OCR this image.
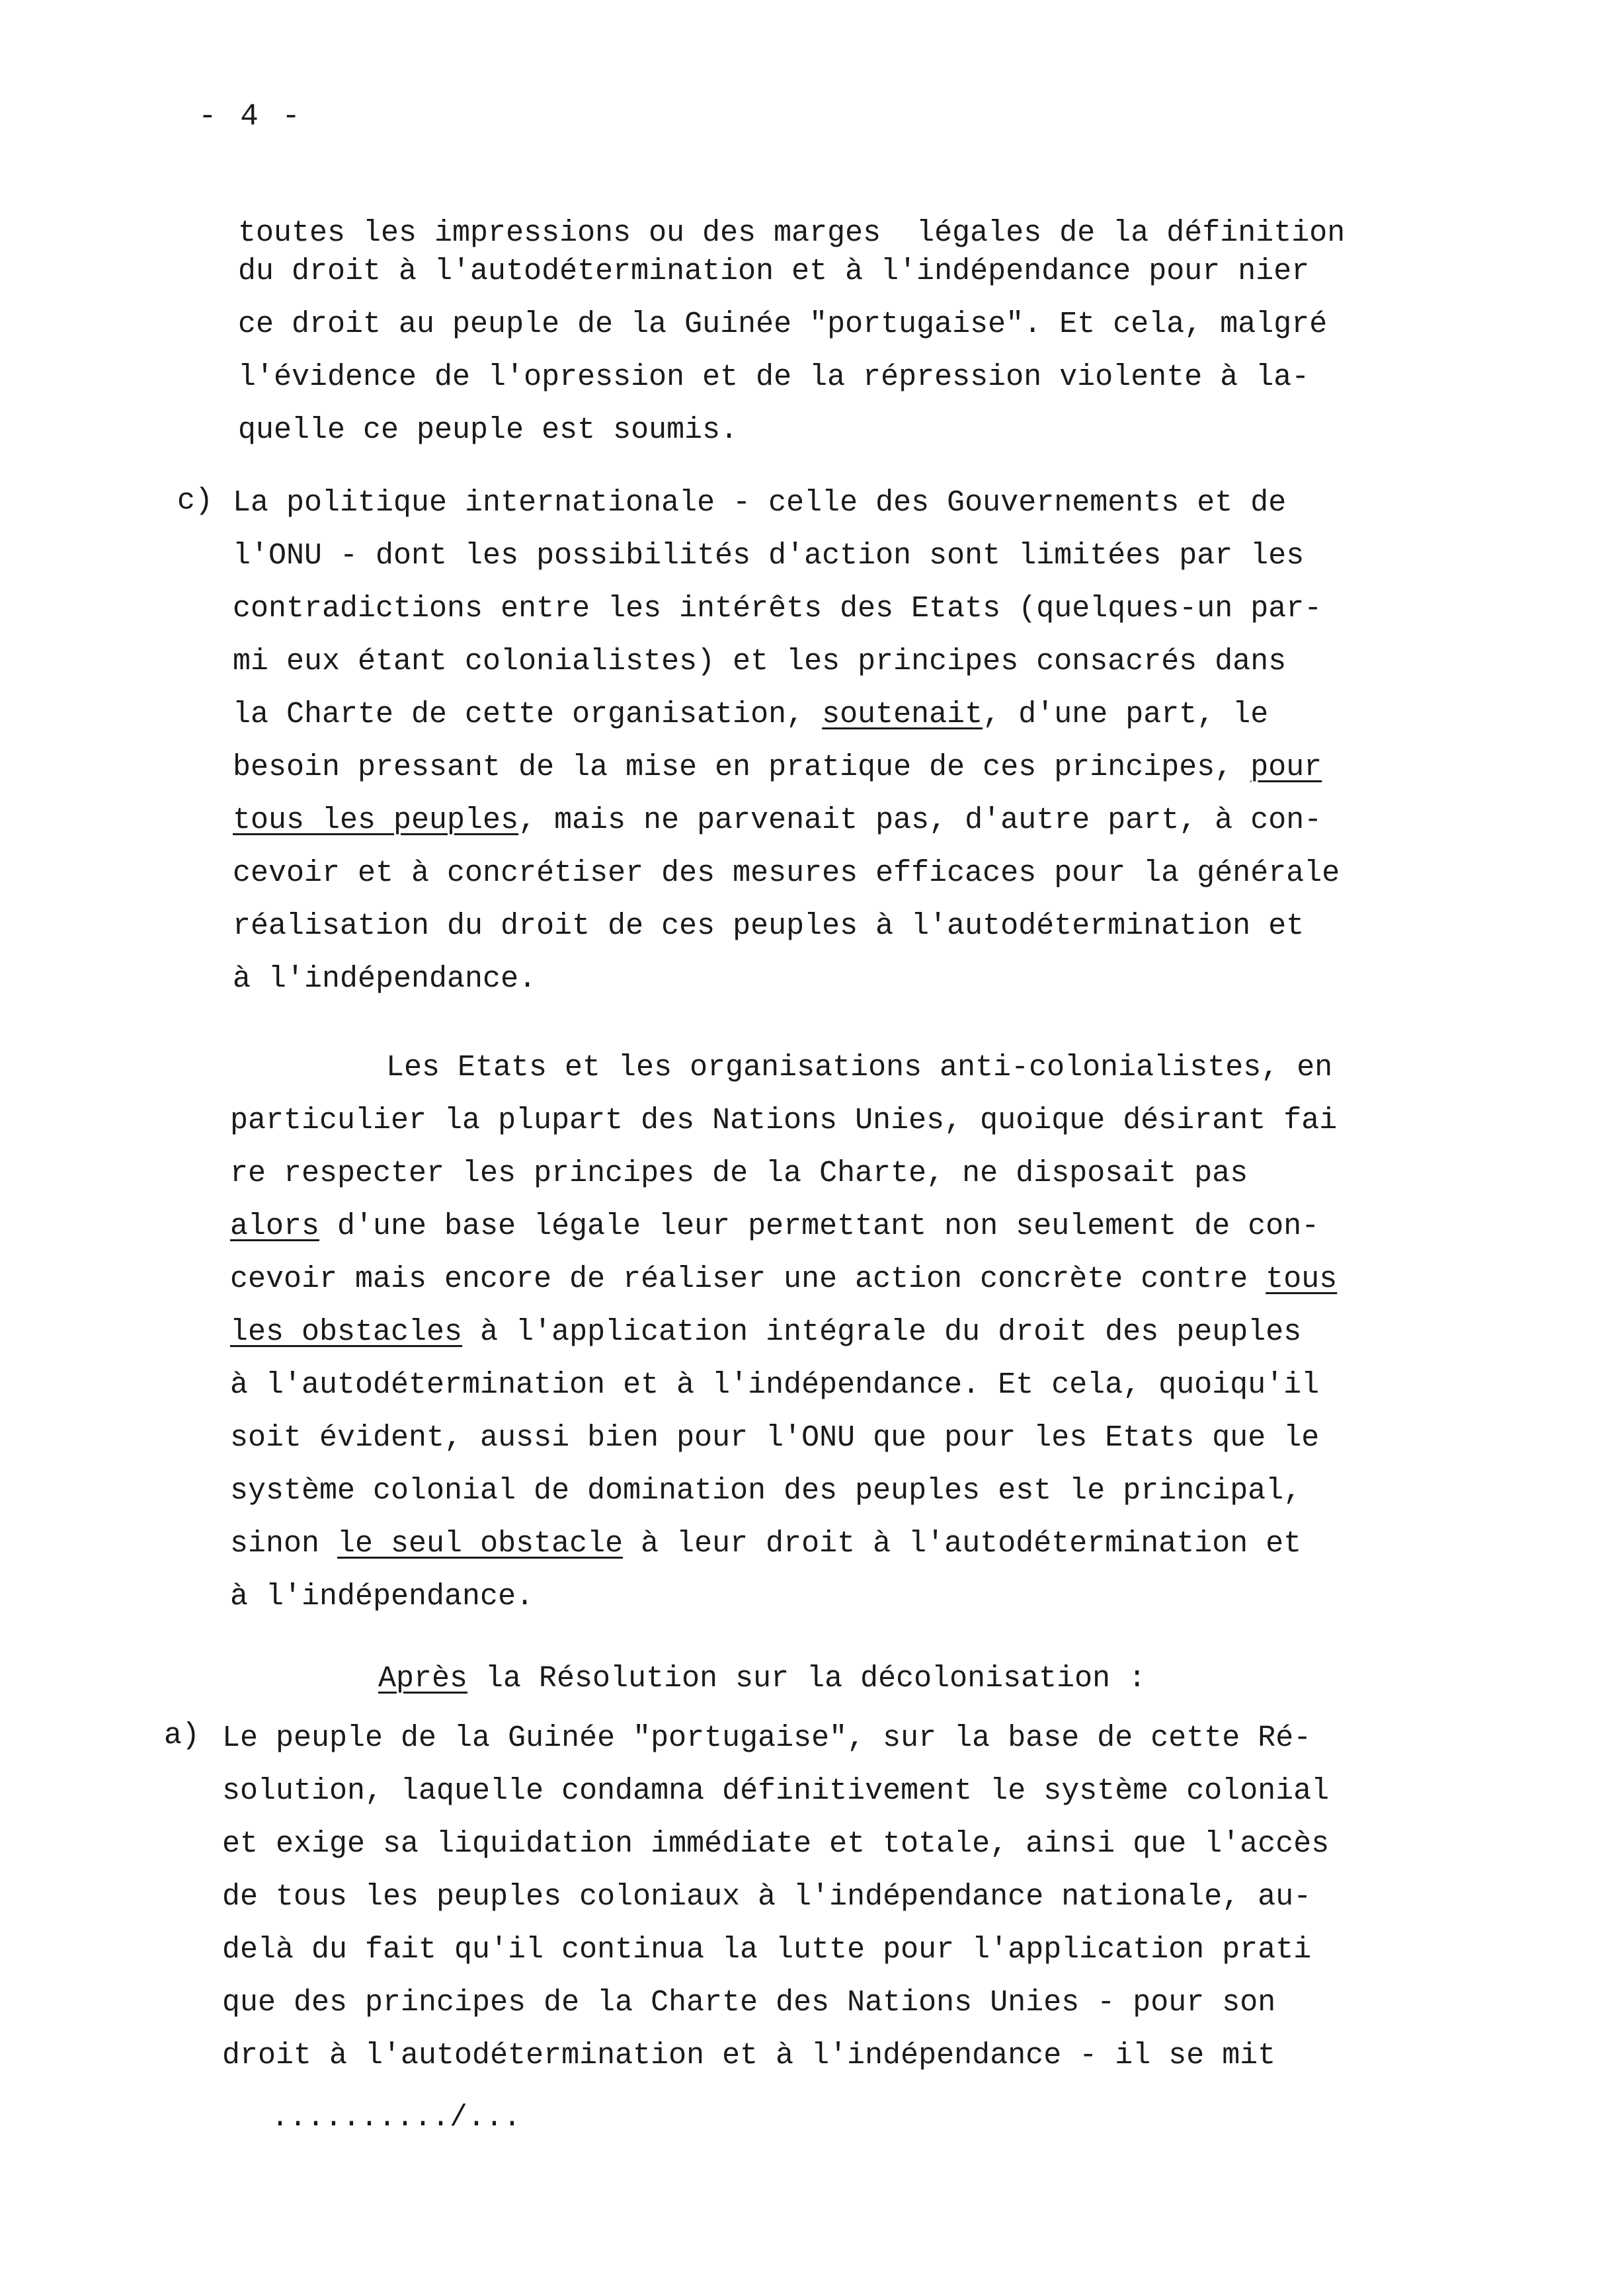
- 4 -
toutes les impressions ou des marges  légales de la définition
du droit à l'autodétermination et à l'indépendance pour nier
ce droit au peuple de la Guinée "portugaise". Et cela, malgré
l'évidence de l'opression et de la répression violente à la-
quelle ce peuple est soumis.
c) La politique internationale - celle des Gouvernements et de
l'ONU - dont les possibilités d'action sont limitées par les
contradictions entre les intérêts des Etats (quelques-un par-
mi eux étant colonialistes) et les principes consacrés dans
la Charte de cette organisation, soutenait, d'une part, le
besoin pressant de la mise en pratique de ces principes, pour
tous les peuples, mais ne parvenait pas, d'autre part, à con-
cevoir et à concrétiser des mesures efficaces pour la générale
réalisation du droit de ces peuples à l'autodétermination et
à l'indépendance.
Les Etats et les organisations anti-colonialistes, en
particulier la plupart des Nations Unies, quoique désirant fai
re respecter les principes de la Charte, ne disposait pas
alors d'une base légale leur permettant non seulement de con-
cevoir mais encore de réaliser une action concrète contre tous
les obstacles à l'application intégrale du droit des peuples
à l'autodétermination et à l'indépendance. Et cela, quoiqu'il
soit évident, aussi bien pour l'ONU que pour les Etats que le
système colonial de domination des peuples est le principal,
sinon le seul obstacle à leur droit à l'autodétermination et
à l'indépendance.
Après la Résolution sur la décolonisation :
a) Le peuple de la Guinée "portugaise", sur la base de cette Ré-
solution, laquelle condamna définitivement le système colonial
et exige sa liquidation immédiate et totale, ainsi que l'accès
de tous les peuples coloniaux à l'indépendance nationale, au-
delà du fait qu'il continua la lutte pour l'application prati
que des principes de la Charte des Nations Unies - pour son
droit à l'autodétermination et à l'indépendance - il se mit
........../...
